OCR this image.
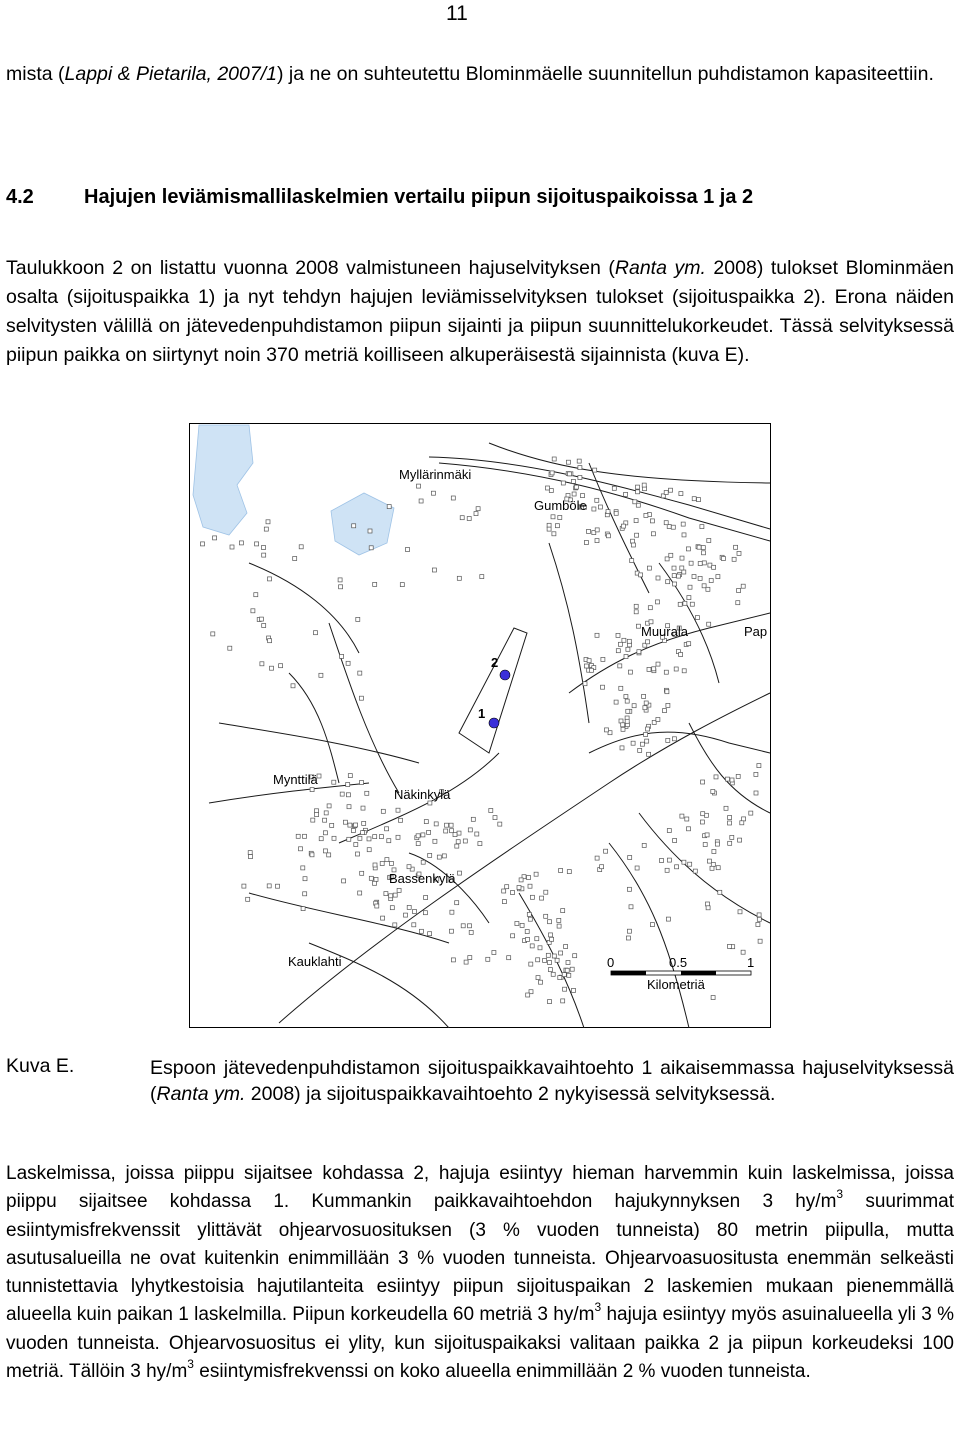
11

mista (Lappi & Pietarila, 2007/1) ja ne on suhteutettu Blominmäelle suunnitellun puhdistamon kapasiteettiin.

4.2	Hajujen leviämismallilaskelmien vertailu piipun sijoituspaikoissa 1 ja 2

Taulukkoon 2 on listattu vuonna 2008 valmistuneen hajuselvityksen (Ranta ym. 2008) tulokset Blominmäen osalta (sijoituspaikka 1) ja nyt tehdyn hajujen leviämisselvityksen tulokset (sijoituspaikka 2). Erona näiden selvitysten välillä on jätevedenpuhdistamon piipun sijainti ja piipun suunnittelukorkeudet. Tässä selvityksessä piipun paikka on siirtynyt noin 370 metriä koilliseen alkuperäisestä sijainnista (kuva E).

Myllärinmäki
Gumböle
Muurala	Pap
Mynttilä
Näkinkylä
Bassenkylä
Kauklahti
2
1
0	0.5	1
Kilometriä
Kuva E.	Espoon jätevedenpuhdistamon sijoituspaikkavaihtoehto 1 aikaisemmassa hajuselvityksessä (Ranta ym. 2008) ja sijoituspaikkavaihtoehto 2 nykyisessä selvityksessä.

Laskelmissa, joissa piippu sijaitsee kohdassa 2, hajuja esiintyy hieman harvemmin kuin laskelmissa, joissa piippu sijaitsee kohdassa 1. Kummankin paikkavaihtoehdon hajukynnyksen 3 $hy/m^3$ suurimmat esiintymisfrekvenssit ylittävät ohjearvosuosituksen (3 % vuoden tunneista) 80 metrin piipulla, mutta asutusalueilla ne ovat kuitenkin enimmillään 3 % vuoden tunneista. Ohjearvoasuositusta enemmän selkeästi tunnistettavia lyhytkestoisia hajutilanteita esiintyy piipun sijoituspaikan 2 laskemien mukaan pienemmällä alueella kuin paikan 1 laskelmilla. Piipun korkeudella 60 metriä 3 $hy/m^3$ hajuja esiintyy myös asuinalueella yli 3 % vuoden tunneista. Ohjearvosuositus ei ylity, kun sijoituspaikaksi valitaan paikka 2 ja piipun korkeudeksi 100 metriä. Tällöin 3 $hy/m^3$ esiintymisfrekvenssi on koko alueella enimmillään 2 % vuoden tunneista.
